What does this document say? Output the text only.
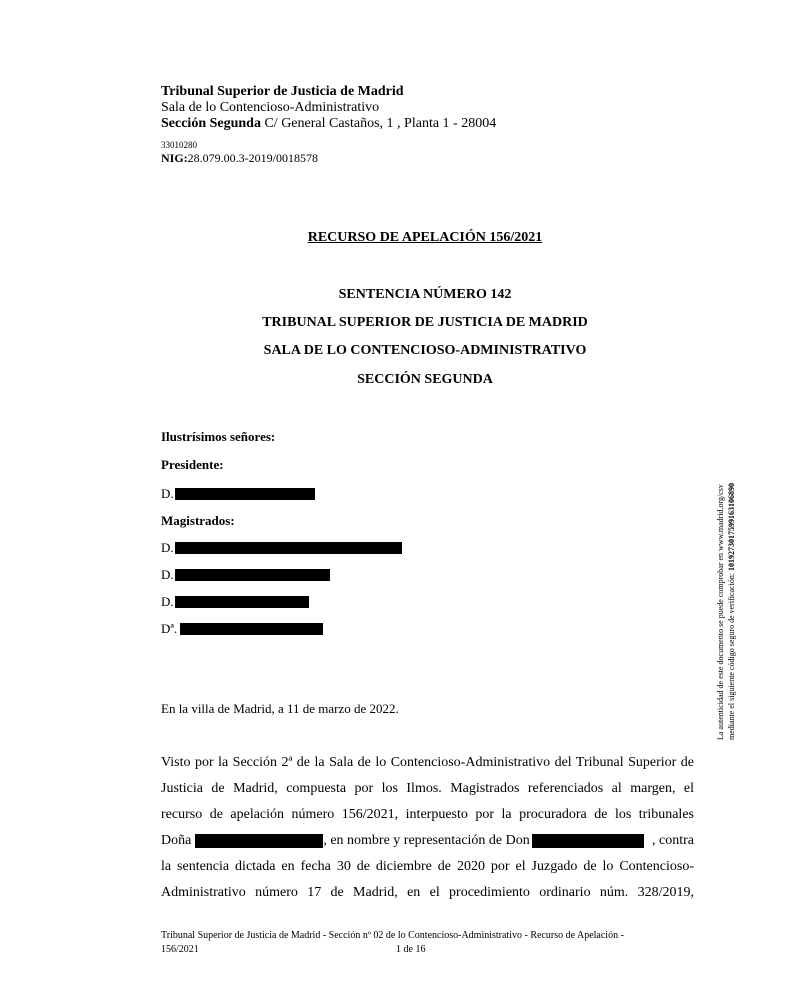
Tribunal Superior de Justicia de Madrid
Sala de lo Contencioso-Administrativo
Sección Segunda C/ General Castaños, 1 , Planta 1 - 28004
33010280
NIG:28.079.00.3-2019/0018578
RECURSO DE APELACIÓN 156/2021
SENTENCIA NÚMERO 142
TRIBUNAL SUPERIOR DE JUSTICIA DE MADRID
SALA DE LO CONTENCIOSO-ADMINISTRATIVO
SECCIÓN SEGUNDA
Ilustrísimos señores:
Presidente:
D.
Magistrados:
D.
D.
D.
Dª.
En la villa de Madrid, a 11 de marzo de 2022.
Visto por la Sección 2ª de la Sala de lo Contencioso-Administrativo del Tribunal Superior de
Justicia de Madrid, compuesta por los Ilmos. Magistrados referenciados al margen, el
recurso de apelación número 156/2021, interpuesto por la procuradora de los tribunales
Doña	, en nombre y representación de Don	, contra
la sentencia dictada en fecha 30 de diciembre de 2020 por el Juzgado de lo Contencioso-
Administrativo número 17 de Madrid, en el procedimiento ordinario núm. 328/2019,
La autenticidad de este documento se puede comprobar en www.madrid.org/csv mediante el siguiente código seguro de verificación: 1019273017599163106890
Tribunal Superior de Justicia de Madrid - Sección nº 02 de lo Contencioso-Administrativo - Recurso de Apelación -
156/2021	1 de 16
